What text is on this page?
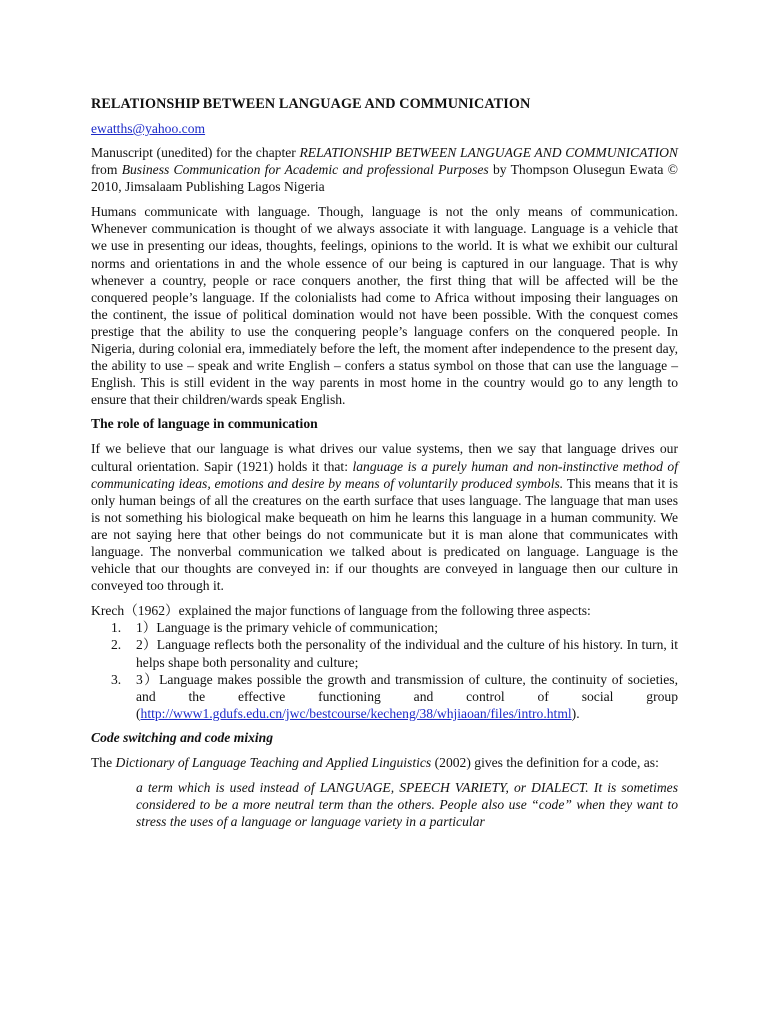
RELATIONSHIP BETWEEN LANGUAGE AND COMMUNICATION
ewatths@yahoo.com

Manuscript (unedited) for the chapter RELATIONSHIP BETWEEN LANGUAGE AND COMMUNICATION from Business Communication for Academic and professional Purposes by Thompson Olusegun Ewata © 2010, Jimsalaam Publishing Lagos Nigeria

Humans communicate with language. Though, language is not the only means of communication. Whenever communication is thought of we always associate it with language. Language is a vehicle that we use in presenting our ideas, thoughts, feelings, opinions to the world. It is what we exhibit our cultural norms and orientations in and the whole essence of our being is captured in our language. That is why whenever a country, people or race conquers another, the first thing that will be affected will be the conquered people’s language. If the colonialists had come to Africa without imposing their languages on the continent, the issue of political domination would not have been possible. With the conquest comes prestige that the ability to use the conquering people’s language confers on the conquered people. In Nigeria, during colonial era, immediately before the left, the moment after independence to the present day, the ability to use – speak and write English – confers a status symbol on those that can use the language – English. This is still evident in the way parents in most home in the country would go to any length to ensure that their children/wards speak English.

The role of language in communication

If we believe that our language is what drives our value systems, then we say that language drives our cultural orientation. Sapir (1921) holds it that: language is a purely human and non-instinctive method of communicating ideas, emotions and desire by means of voluntarily produced symbols. This means that it is only human beings of all the creatures on the earth surface that uses language. The language that man uses is not something his biological make bequeath on him he learns this language in a human community. We are not saying here that other beings do not communicate but it is man alone that communicates with language. The nonverbal communication we talked about is predicated on language. Language is the vehicle that our thoughts are conveyed in: if our thoughts are conveyed in language then our culture in conveyed too through it.

Krech（1962）explained the major functions of language from the following three aspects:

1. 1）Language is the primary vehicle of communication;
2. 2）Language reflects both the personality of the individual and the culture of his history. In turn, it helps shape both personality and culture;
3. 3）Language makes possible the growth and transmission of culture, the continuity of societies, and the effective functioning and control of social group (http://www1.gdufs.edu.cn/jwc/bestcourse/kecheng/38/whjiaoan/files/intro.html).
Code switching and code mixing

The Dictionary of Language Teaching and Applied Linguistics (2002) gives the definition for a code, as:

a term which is used instead of LANGUAGE, SPEECH VARIETY, or DIALECT. It is sometimes considered to be a more neutral term than the others. People also use “code” when they want to stress the uses of a language or language variety in a particular
